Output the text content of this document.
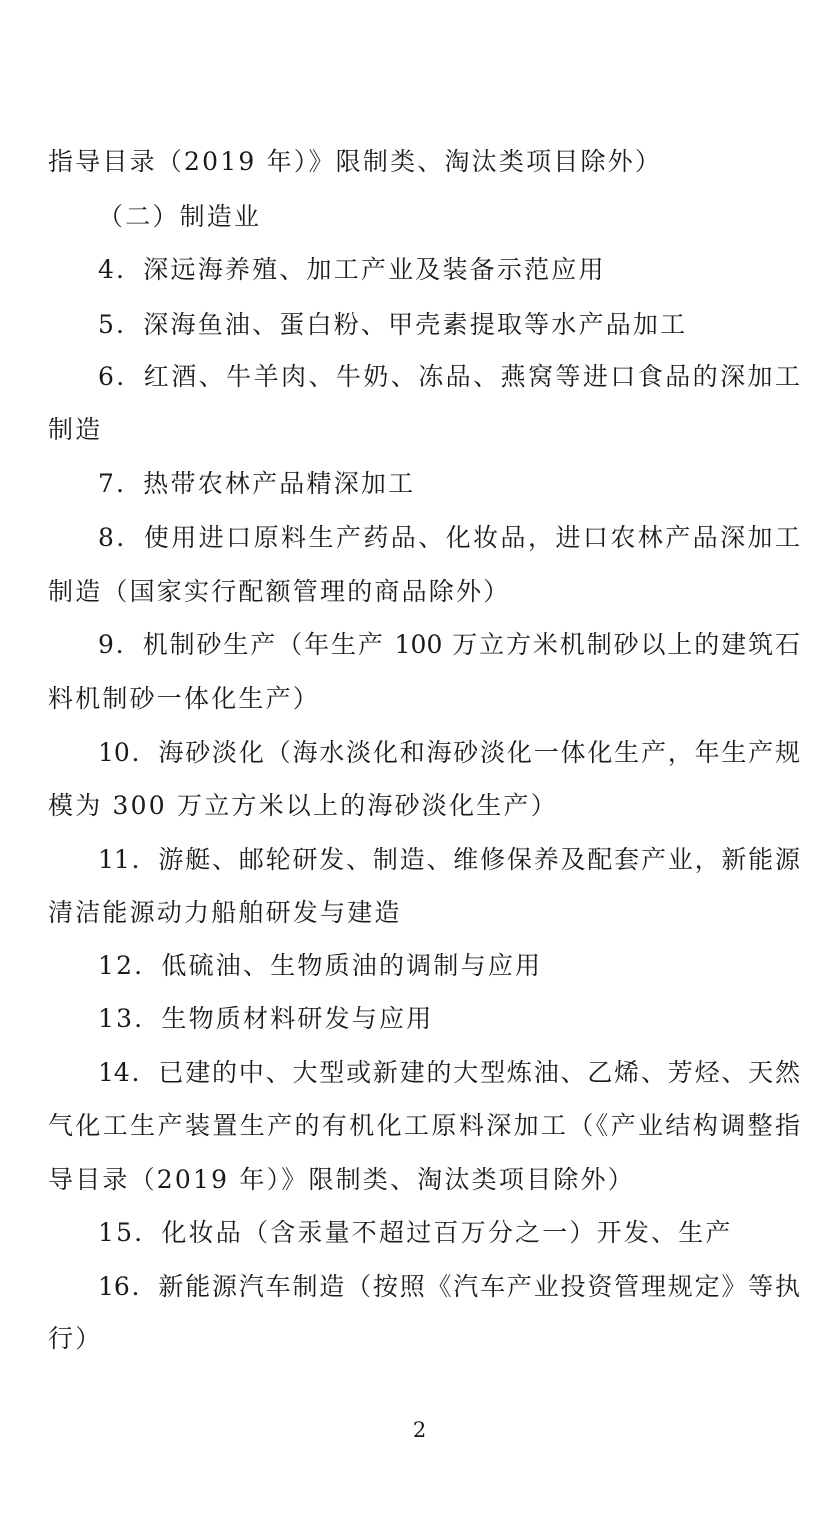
指导目录（2019 年）》限制类、淘汰类项目除外）
（二）制造业
4．深远海养殖、加工产业及装备示范应用
5．深海鱼油、蛋白粉、甲壳素提取等水产品加工
6．红酒、牛羊肉、牛奶、冻品、燕窝等进口食品的深加工
制造
7．热带农林产品精深加工
8．使用进口原料生产药品、化妆品，进口农林产品深加工
制造（国家实行配额管理的商品除外）
9．机制砂生产（年生产 100 万立方米机制砂以上的建筑石
料机制砂一体化生产）
10．海砂淡化（海水淡化和海砂淡化一体化生产，年生产规
模为 300 万立方米以上的海砂淡化生产）
11．游艇、邮轮研发、制造、维修保养及配套产业，新能源
清洁能源动力船舶研发与建造
12．低硫油、生物质油的调制与应用
13．生物质材料研发与应用
14．已建的中、大型或新建的大型炼油、乙烯、芳烃、天然
气化工生产装置生产的有机化工原料深加工（《产业结构调整指
导目录（2019 年）》限制类、淘汰类项目除外）
15．化妆品（含汞量不超过百万分之一）开发、生产
16．新能源汽车制造（按照《汽车产业投资管理规定》等执
行）
2
